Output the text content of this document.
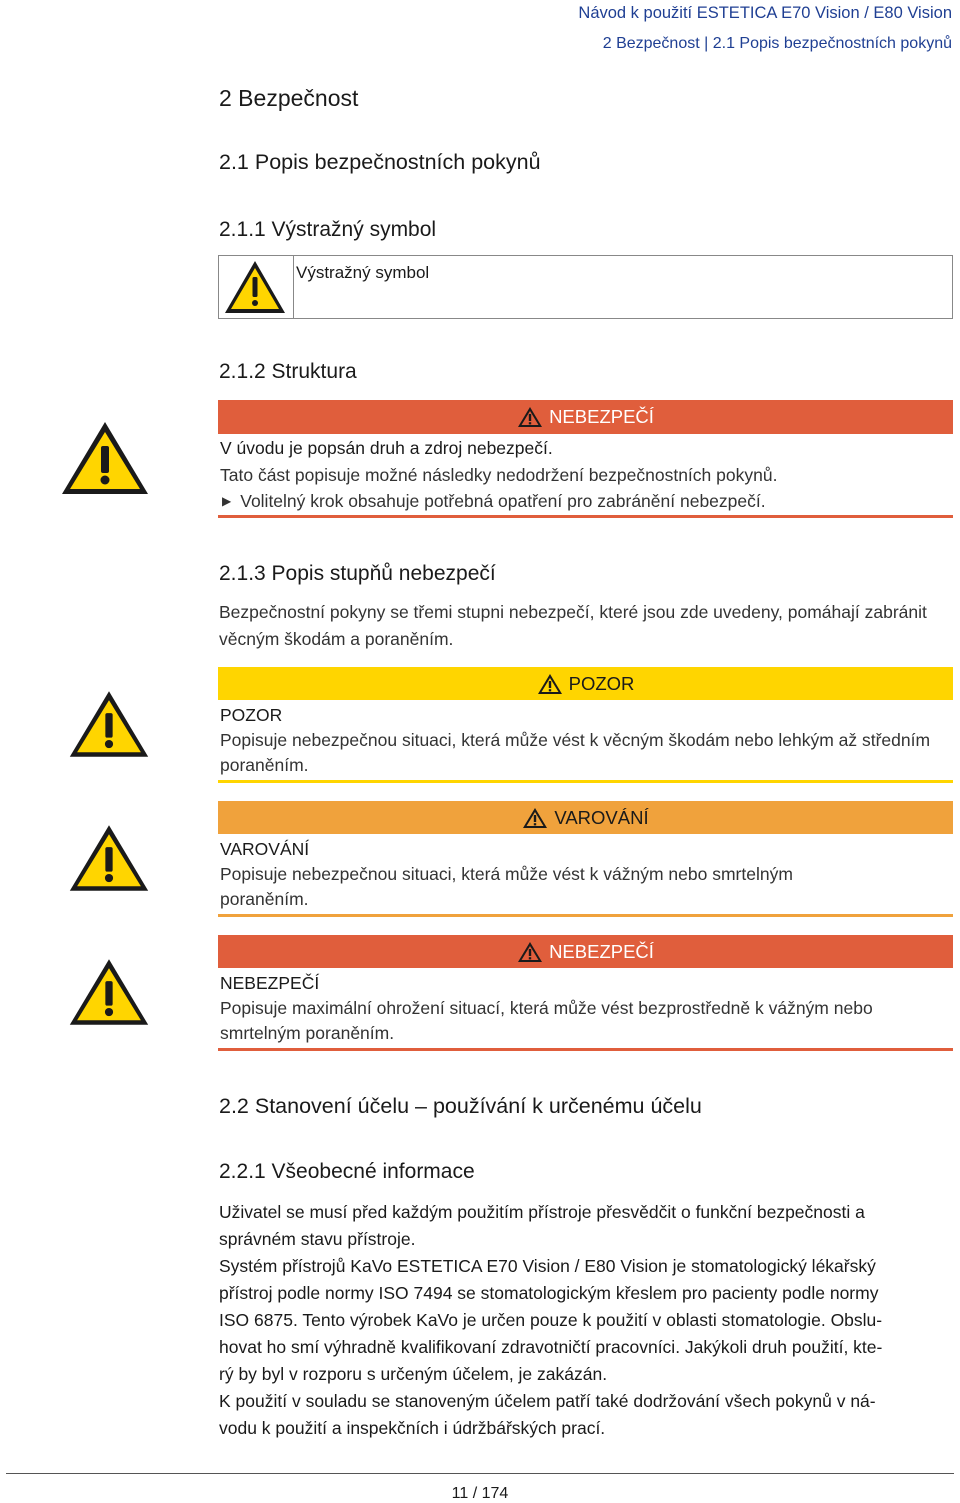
Návod k použití ESTETICA E70 Vision / E80 Vision
2 Bezpečnost | 2.1 Popis bezpečnostních pokynů
2 Bezpečnost
2.1 Popis bezpečnostních pokynů
2.1.1 Výstražný symbol
Výstražný symbol
2.1.2 Struktura
NEBEZPEČÍ
V úvodu je popsán druh a zdroj nebezpečí.
Tato část popisuje možné následky nedodržení bezpečnostních pokynů.
▶ Volitelný krok obsahuje potřebná opatření pro zabránění nebezpečí.
2.1.3 Popis stupňů nebezpečí
Bezpečnostní pokyny se třemi stupni nebezpečí, které jsou zde uvedeny, pomáhají zabránit věcným škodám a poraněním.
POZOR
POZOR
Popisuje nebezpečnou situaci, která může vést k věcným škodám nebo lehkým až středním poraněním.
VAROVÁNÍ
VAROVÁNÍ
Popisuje nebezpečnou situaci, která může vést k vážným nebo smrtelným poraněním.
NEBEZPEČÍ
NEBEZPEČÍ
Popisuje maximální ohrožení situací, která může vést bezprostředně k vážným nebo smrtelným poraněním.
2.2 Stanovení účelu – používání k určenému účelu
2.2.1 Všeobecné informace
Uživatel se musí před každým použitím přístroje přesvědčit o funkční bezpečnosti a správném stavu přístroje.
Systém přístrojů KaVo ESTETICA E70 Vision / E80 Vision je stomatologický lékařský
přístroj podle normy ISO 7494 se stomatologickým křeslem pro pacienty podle normy
ISO 6875. Tento výrobek KaVo je určen pouze k použití v oblasti stomatologie. Obslu-
hovat ho smí výhradně kvalifikovaní zdravotničtí pracovníci. Jakýkoli druh použití, kte-
rý by byl v rozporu s určeným účelem, je zakázán.
K použití v souladu se stanoveným účelem patří také dodržování všech pokynů v ná-
vodu k použití a inspekčních i údržbářských prací.
11 / 174
